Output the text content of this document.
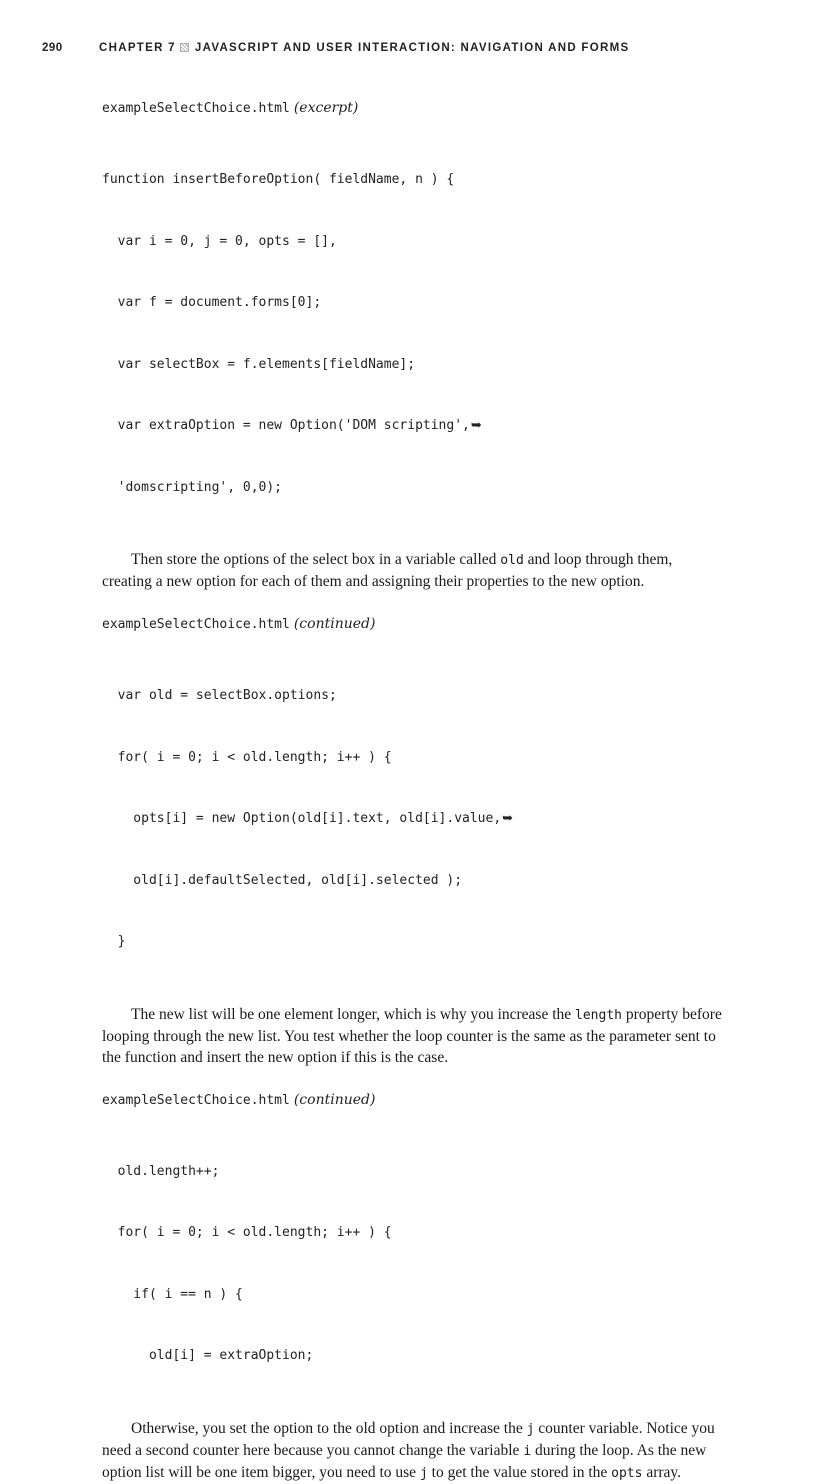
290	CHAPTER 7 JAVASCRIPT AND USER INTERACTION: NAVIGATION AND FORMS
exampleSelectChoice.html (excerpt)

function insertBeforeOption( fieldName, n ) {

var i = 0, j = 0, opts = [],

var f = document.forms[0];

var selectBox = f.elements[fieldName];

var extraOption = new Option('DOM scripting',➥

'domscripting', 0,0);

Then store the options of the select box in a variable called old and loop through them, creating a new option for each of them and assigning their properties to the new option.

exampleSelectChoice.html (continued)

var old = selectBox.options;

for( i = 0; i < old.length; i++ ) {

opts[i] = new Option(old[i].text, old[i].value,➥

old[i].defaultSelected, old[i].selected );

}

The new list will be one element longer, which is why you increase the length property before looping through the new list. You test whether the loop counter is the same as the parameter sent to the function and insert the new option if this is the case.

exampleSelectChoice.html (continued)

old.length++;

for( i = 0; i < old.length; i++ ) {

if( i == n ) {

old[i] = extraOption;

Otherwise, you set the option to the old option and increase the j counter variable. Notice you need a second counter here because you cannot change the variable i during the loop. As the new option list will be one item bigger, you need to use j to get the value stored in the opts array.
